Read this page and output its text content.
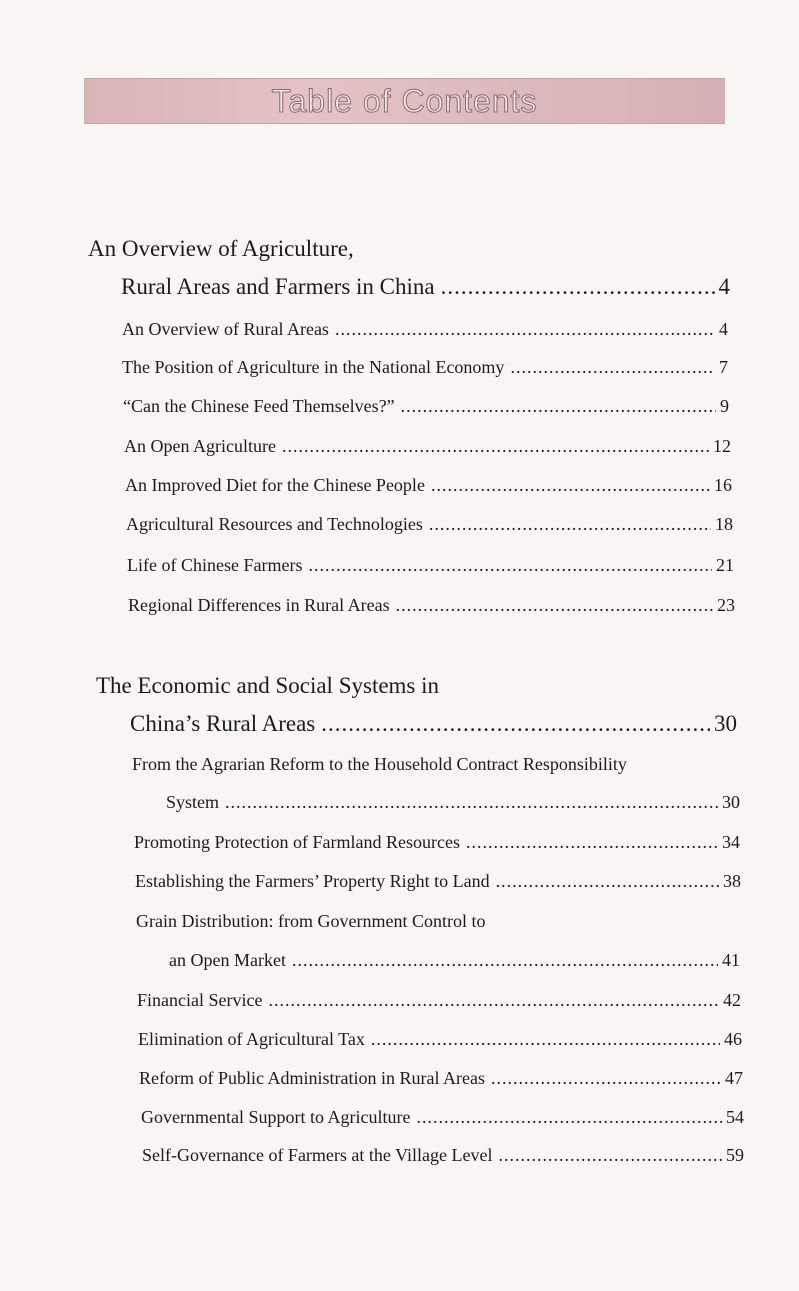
Table of Contents
An Overview of Agriculture,
Rural Areas and Farmers in China .....	4
An Overview of Rural Areas .....	4
The Position of Agriculture in the National Economy .....	7
“Can the Chinese Feed Themselves?” .....	9
An Open Agriculture .....	12
An Improved Diet for the Chinese People .....	16
Agricultural Resources and Technologies .....	18
Life of Chinese Farmers .....	21
Regional Differences in Rural Areas .....	23
The Economic and Social Systems in
China’s Rural Areas .....	30
From the Agrarian Reform to the Household Contract Responsibility
System .....	30
Promoting Protection of Farmland Resources .....	34
Establishing the Farmers’ Property Right to Land .....	38
Grain Distribution: from Government Control to
an Open Market .....	41
Financial Service .....	42
Elimination of Agricultural Tax .....	46
Reform of Public Administration in Rural Areas .....	47
Governmental Support to Agriculture .....	54
Self-Governance of Farmers at the Village Level .....	59
